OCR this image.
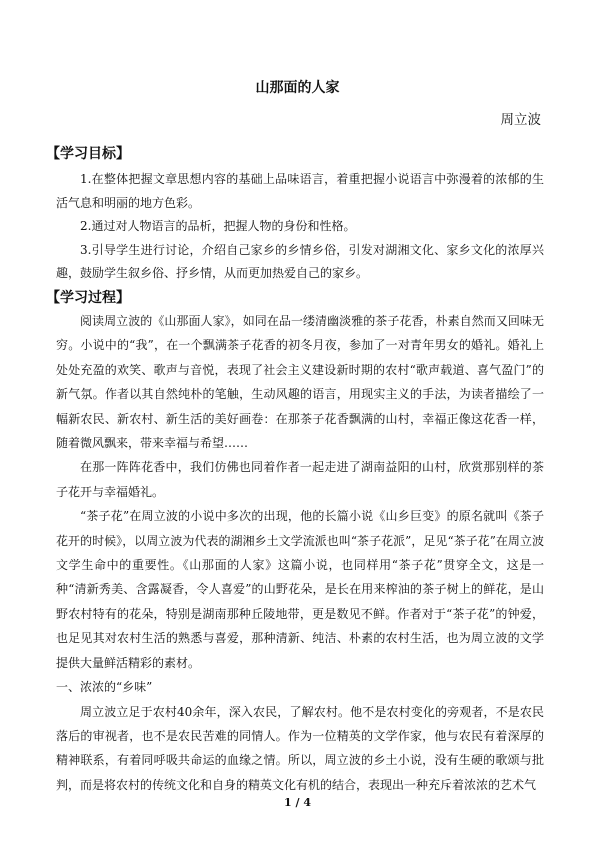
山那面的人家
周立波
【学习目标】

1.在整体把握文章思想内容的基础上品味语言，着重把握小说语言中弥漫着的浓郁的生活气息和明丽的地方色彩。

2.通过对人物语言的品析，把握人物的身份和性格。

3.引导学生进行讨论，介绍自己家乡的乡情乡俗，引发对湖湘文化、家乡文化的浓厚兴趣，鼓励学生叙乡俗、抒乡情，从而更加热爱自己的家乡。

【学习过程】

阅读周立波的《山那面人家》，如同在品一缕清幽淡雅的茶子花香，朴素自然而又回味无穷。小说中的“我”，在一个飘满茶子花香的初冬月夜，参加了一对青年男女的婚礼。婚礼上处处充盈的欢笑、歌声与音悦，表现了社会主义建设新时期的农村“歌声载道、喜气盈门”的新气氛。作者以其自然纯朴的笔触，生动风趣的语言，用现实主义的手法，为读者描绘了一幅新农民、新农村、新生活的美好画卷：在那茶子花香飘满的山村，幸福正像这花香一样，随着微风飘来，带来幸福与希望……

在那一阵阵花香中，我们仿佛也同着作者一起走进了湖南益阳的山村，欣赏那别样的茶子花开与幸福婚礼。

“茶子花”在周立波的小说中多次的出现，他的长篇小说《山乡巨变》的原名就叫《茶子花开的时候》，以周立波为代表的湖湘乡土文学流派也叫“茶子花派”，足见“茶子花”在周立波文学生命中的重要性。《山那面的人家》这篇小说，也同样用“茶子花”贯穿全文，这是一种“清新秀美、含露凝香，令人喜爱”的山野花朵，是长在用来榨油的茶子树上的鲜花，是山野农村特有的花朵，特别是湖南那种丘陵地带，更是数见不鲜。作者对于“茶子花”的钟爱，也足见其对农村生活的熟悉与喜爱，那种清新、纯洁、朴素的农村生活，也为周立波的文学提供大量鲜活精彩的素材。

一、浓浓的“乡味”

周立波立足于农村40余年，深入农民，了解农村。他不是农村变化的旁观者，不是农民落后的审视者，也不是农民苦难的同情人。作为一位精英的文学作家，他与农民有着深厚的精神联系，有着同呼吸共命运的血缘之情。所以，周立波的乡土小说，没有生硬的歌颂与批判，而是将农村的传统文化和自身的精英文化有机的结合，表现出一种充斥着浓浓的艺术气

1 / 4
